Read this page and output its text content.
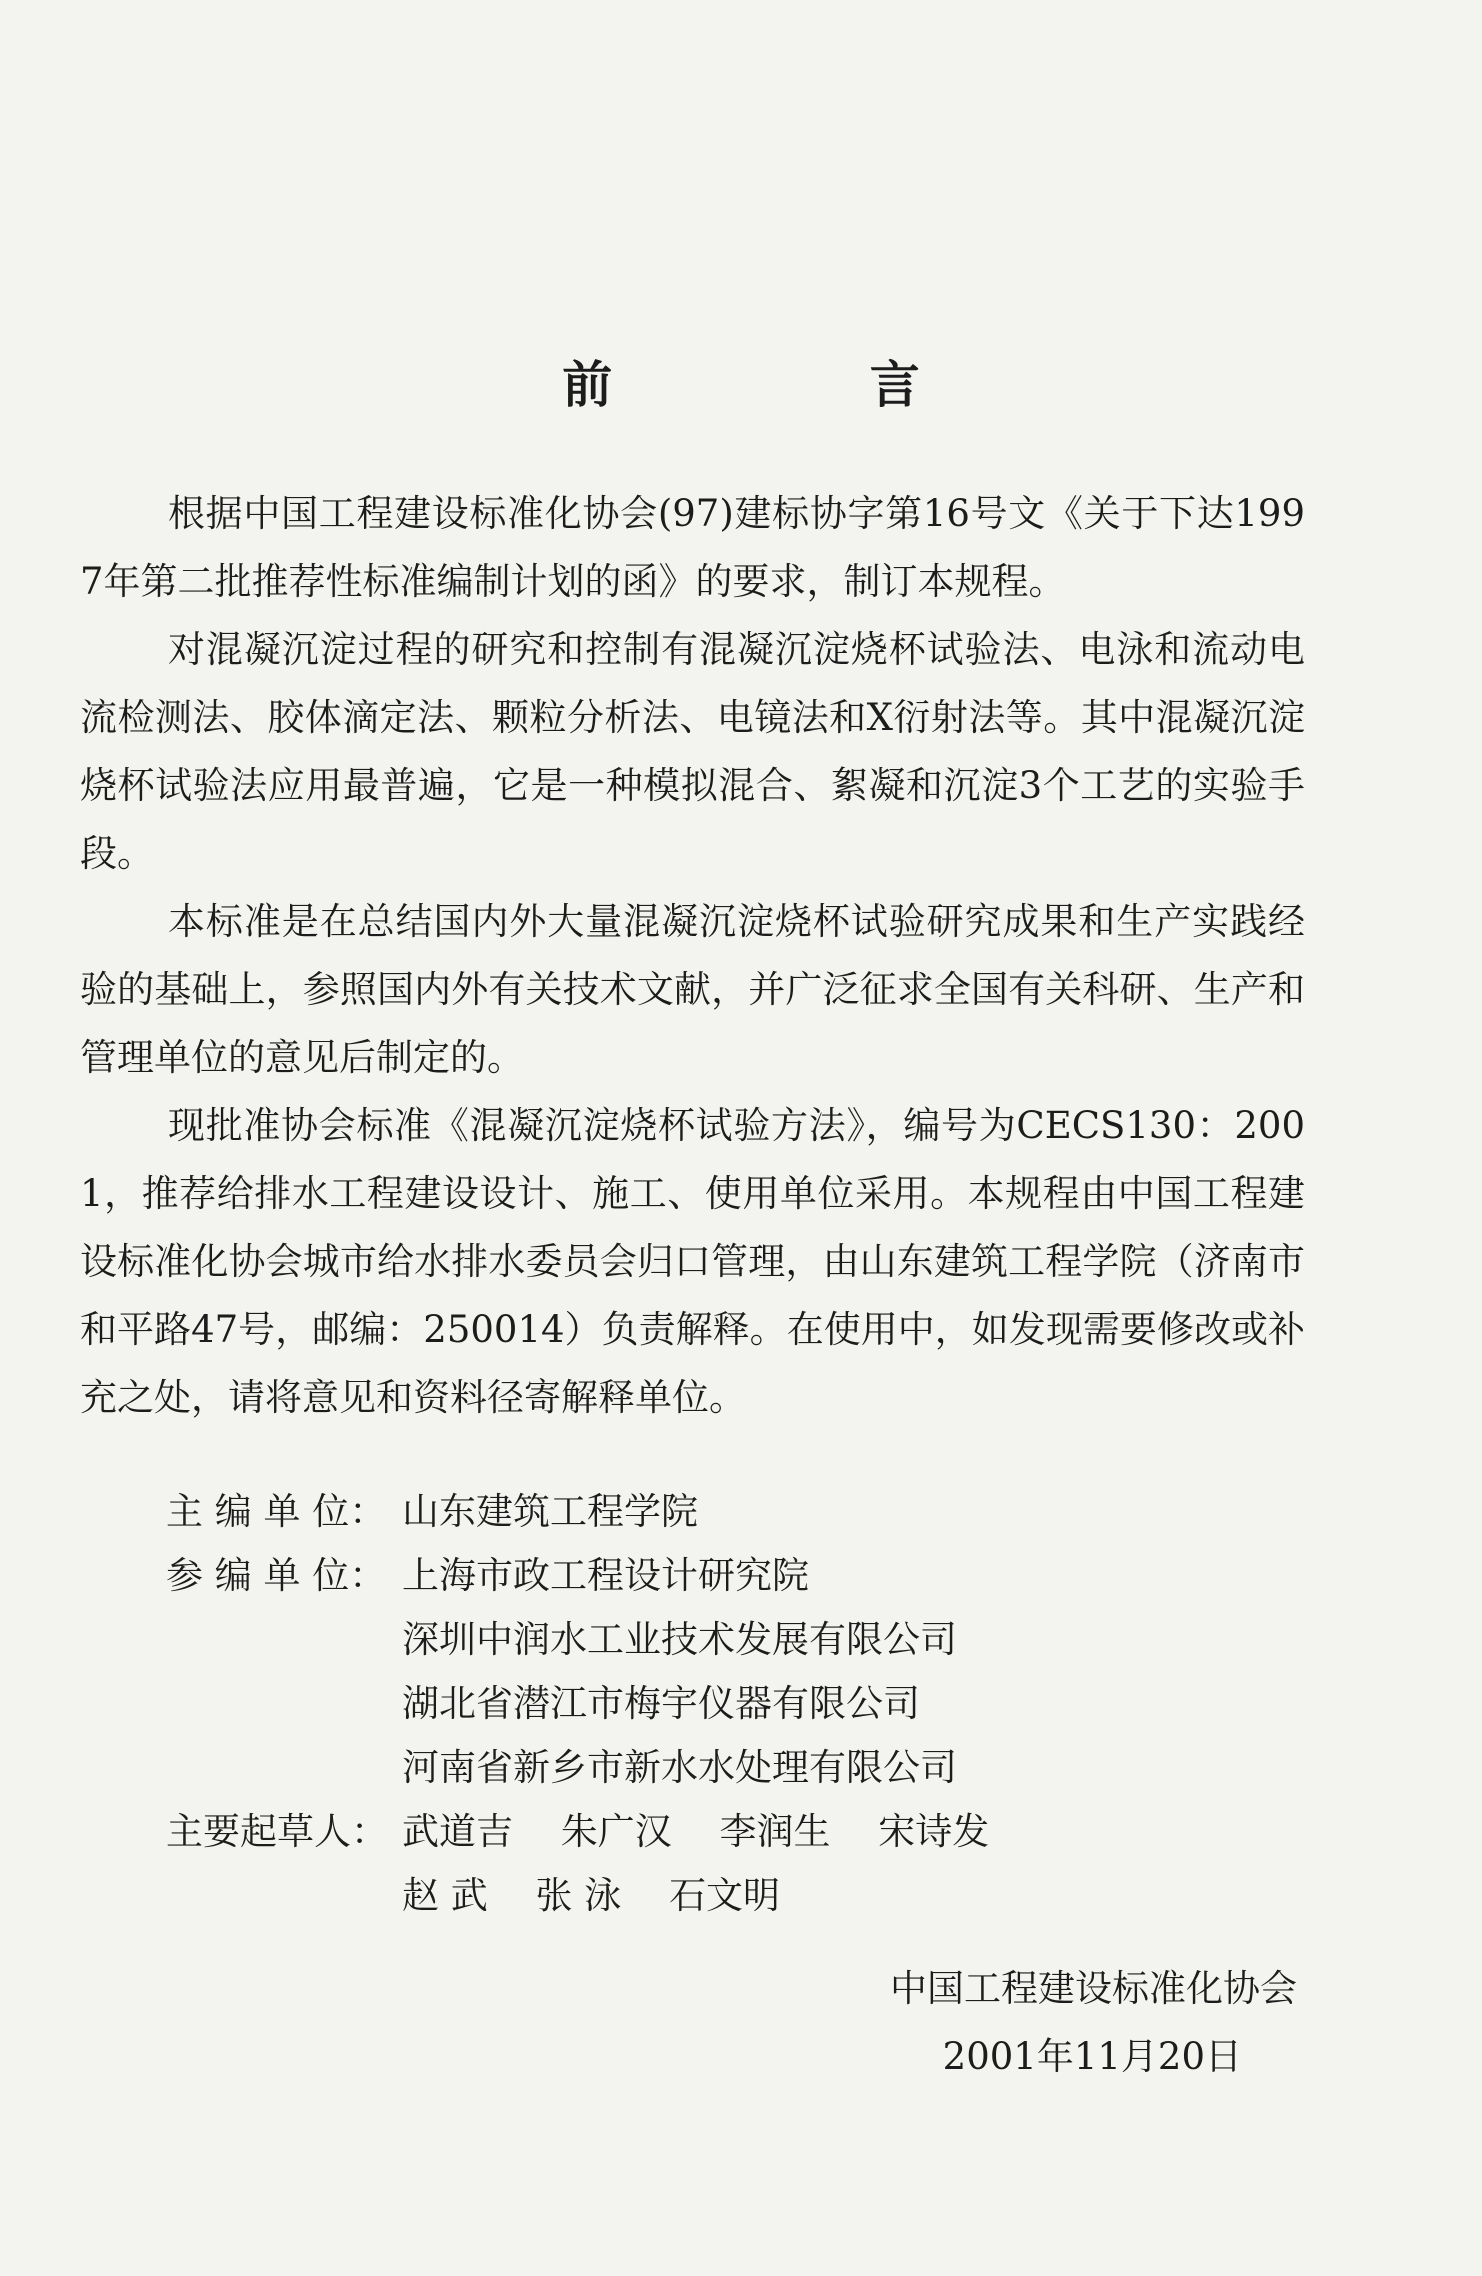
前 言

根据中国工程建设标准化协会(97)建标协字第16号文《关于下达1997年第二批推荐性标准编制计划的函》的要求，制订本规程。

对混凝沉淀过程的研究和控制有混凝沉淀烧杯试验法、电泳和流动电流检测法、胶体滴定法、颗粒分析法、电镜法和X衍射法等。其中混凝沉淀烧杯试验法应用最普遍，它是一种模拟混合、絮凝和沉淀3个工艺的实验手段。

本标准是在总结国内外大量混凝沉淀烧杯试验研究成果和生产实践经验的基础上，参照国内外有关技术文献，并广泛征求全国有关科研、生产和管理单位的意见后制定的。

现批准协会标准《混凝沉淀烧杯试验方法》，编号为CECS130：2001，推荐给排水工程建设设计、施工、使用单位采用。本规程由中国工程建设标准化协会城市给水排水委员会归口管理，由山东建筑工程学院（济南市和平路47号，邮编：250014）负责解释。在使用中，如发现需要修改或补充之处，请将意见和资料径寄解释单位。

主 编 单 位： 山东建筑工程学院
参 编 单 位： 上海市政工程设计研究院
深圳中润水工业技术发展有限公司
湖北省潜江市梅宇仪器有限公司
河南省新乡市新水水处理有限公司
主要起草人： 武道吉 朱广汉 李润生 宋诗发
赵 武 张 泳 石文明
中国工程建设标准化协会
2001年11月20日
